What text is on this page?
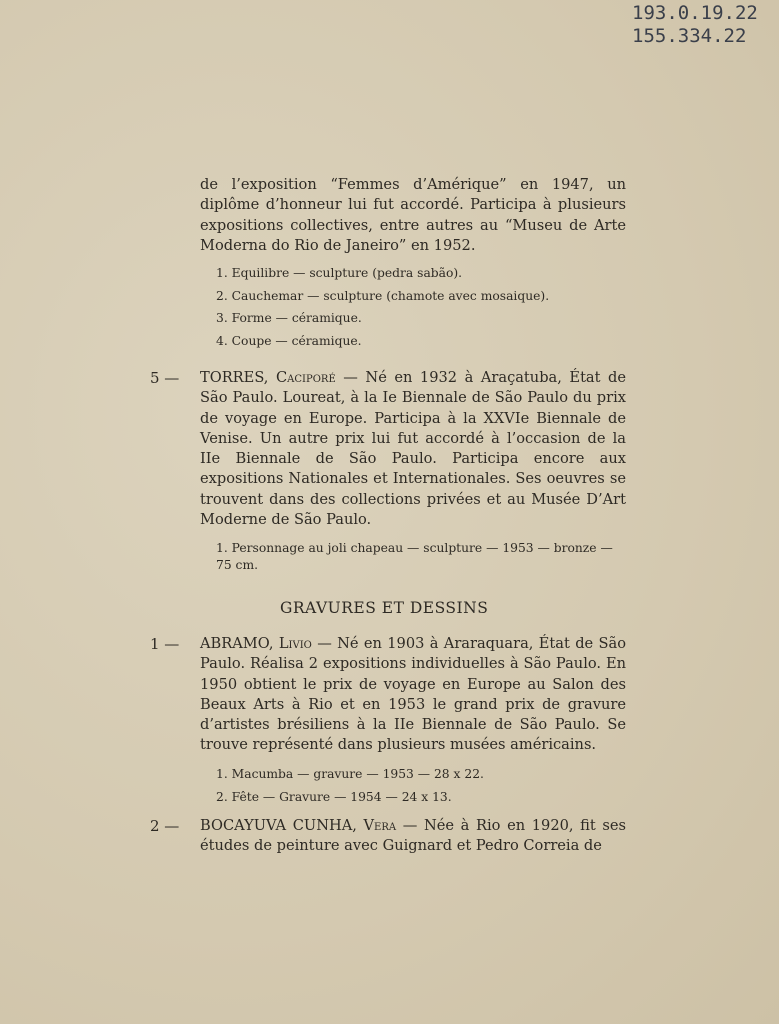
193.0.19.22
155.334.22
de l’exposition “Femmes d’Amérique” en 1947, un diplôme d’honneur lui fut accordé. Participa à plusieurs expositions collectives, entre autres au “Museu de Arte Moderna do Rio de Janeiro” en 1952.
1. Equilibre — sculpture (pedra sabão).
2. Cauchemar — sculpture (chamote avec mosaique).
3. Forme — céramique.
4. Coupe — céramique.
5 — TORRES, Caciporé — Né en 1932 à Araçatuba, État de São Paulo. Loureat, à la Ie Biennale de São Paulo du prix de voyage en Europe. Participa à la XXVIe Biennale de Venise. Un autre prix lui fut accordé à l’occasion de la IIe Biennale de São Paulo. Participa encore aux expositions Nationales et Internationales. Ses oeuvres se trouvent dans des collections privées et au Musée D’Art Moderne de São Paulo.
1. Personnage au joli chapeau — sculpture — 1953 — bronze — 75 cm.
GRAVURES ET DESSINS
1 — ABRAMO, Livio — Né en 1903 à Araraquara, État de São Paulo. Réalisa 2 expositions individuelles à São Paulo. En 1950 obtient le prix de voyage en Europe au Salon des Beaux Arts à Rio et en 1953 le grand prix de gravure d’artistes brésiliens à la IIe Biennale de São Paulo. Se trouve représenté dans plusieurs musées américains.
1. Macumba — gravure — 1953 — 28 x 22.
2. Fête — Gravure — 1954 — 24 x 13.
2 — BOCAYUVA CUNHA, Vera — Née à Rio en 1920, fit ses études de peinture avec Guignard et Pedro Correia de
